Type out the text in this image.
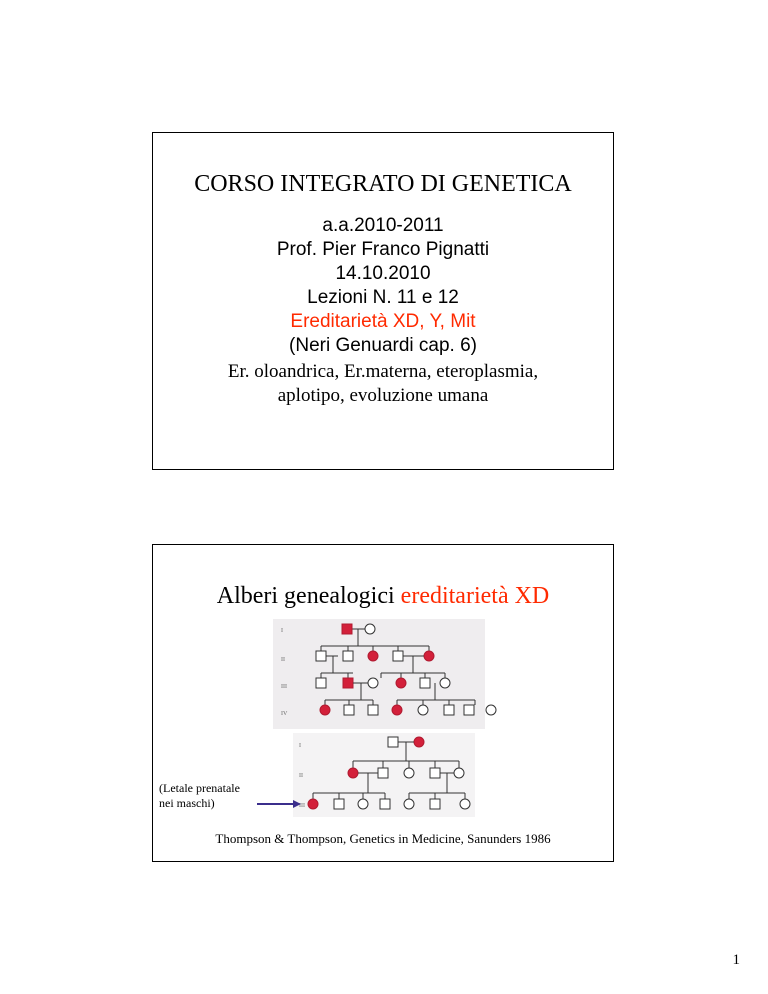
CORSO INTEGRATO DI GENETICA
a.a.2010-2011
Prof. Pier Franco Pignatti
14.10.2010
Lezioni N. 11 e 12
Ereditarietà XD, Y, Mit
(Neri Genuardi cap. 6)
Er. oloandrica, Er.materna, eteroplasmia,
aplotipo, evoluzione umana
Alberi genealogici ereditarietà XD
I
II
III
IV
I
II
III
(Letale prenatale
nei maschi)
Thompson & Thompson, Genetics in Medicine, Sanunders 1986
1
